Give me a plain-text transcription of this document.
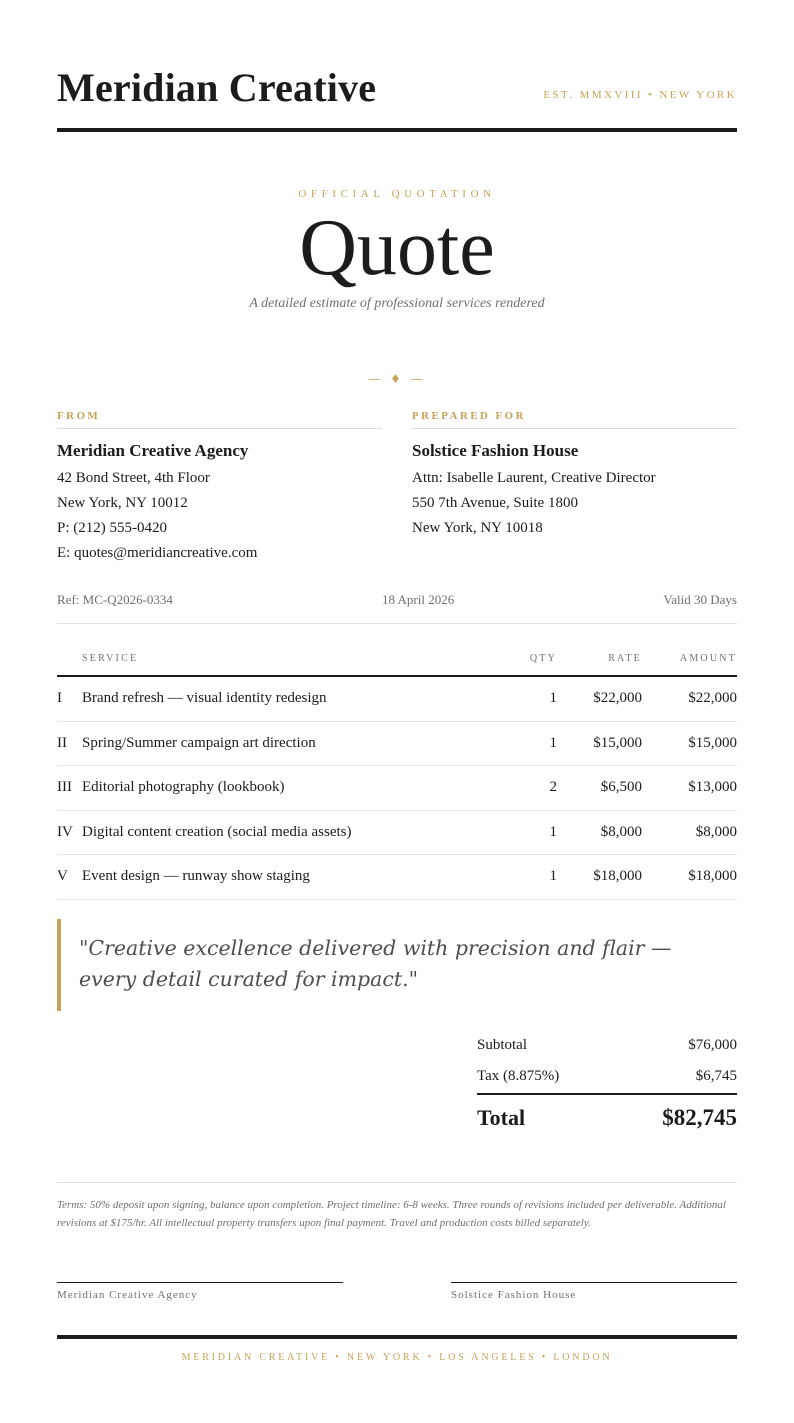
Meridian Creative	EST. MMXVIII • NEW YORK
OFFICIAL QUOTATION
Quote
A detailed estimate of professional services rendered
— ♦ —
FROM
Meridian Creative Agency
42 Bond Street, 4th Floor
New York, NY 10012
P: (212) 555-0420
E: quotes@meridiancreative.com
PREPARED FOR
Solstice Fashion House
Attn: Isabelle Laurent, Creative Director
550 7th Avenue, Suite 1800
New York, NY 10018
Ref: MC-Q2026-0334	18 April 2026	Valid 30 Days
SERVICE	QTY	RATE	AMOUNT
I Brand refresh — visual identity redesign	1 $22,000	$22,000
II Spring/Summer campaign art direction	1 $15,000	$15,000
III Editorial photography (lookbook)	2	$6,500	$13,000
IV Digital content creation (social media assets)	1	$8,000	$8,000
V Event design — runway show staging	1 $18,000	$18,000
"Creative excellence delivered with precision and flair — every detail curated for impact."
Subtotal	$76,000
Tax (8.875%)	$6,745
Total	$82,745
Terms: 50% deposit upon signing, balance upon completion. Project timeline: 6-8 weeks. Three rounds of revisions included per deliverable. Additional revisions at $175/hr. All intellectual property transfers upon final payment. Travel and production costs billed separately.
Meridian Creative Agency	Solstice Fashion House
MERIDIAN CREATIVE • NEW YORK • LOS ANGELES • LONDON
